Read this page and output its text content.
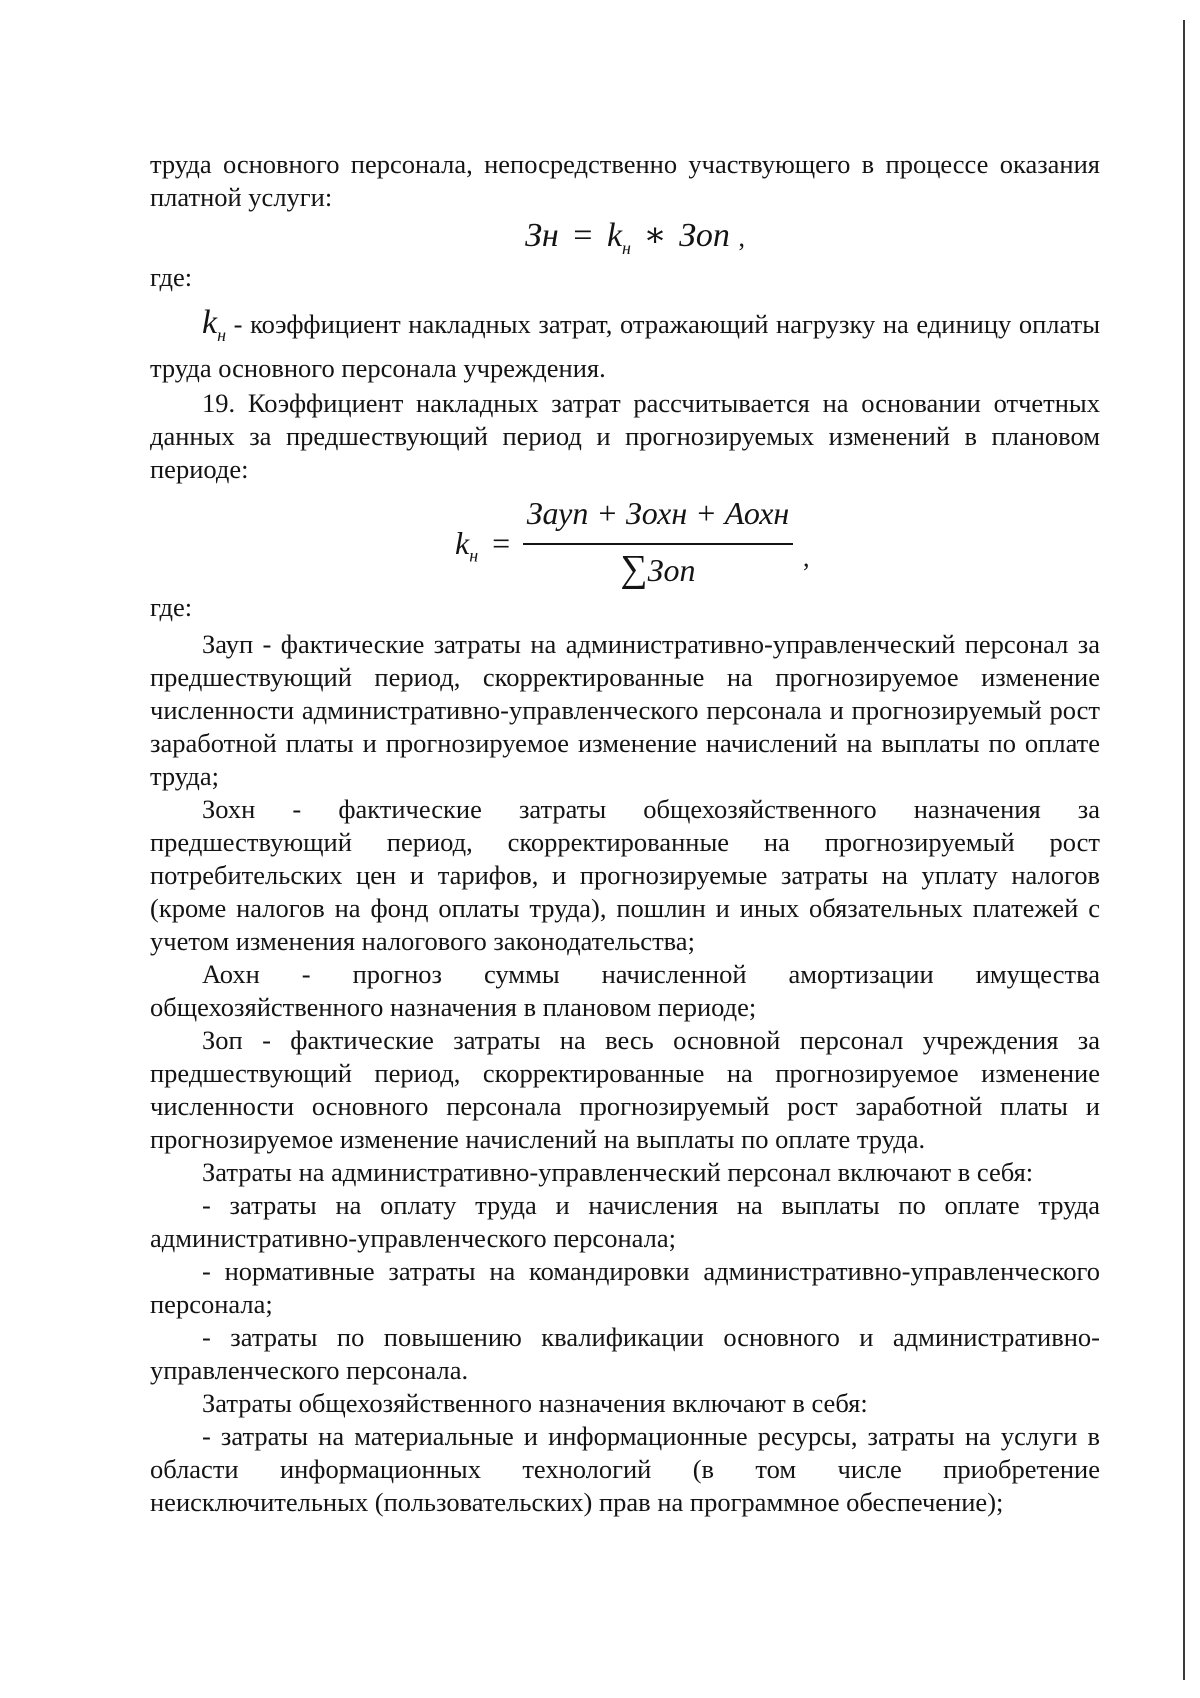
труда основного персонала, непосредственно участвующего в процессе оказания платной услуги:

Зн = $k_н$ ∗ Зоп ,
где:

$k_н$ - коэффициент накладных затрат, отражающий нагрузку на единицу оплаты труда основного персонала учреждения.

19. Коэффициент накладных затрат рассчитывается на основании отчетных данных за предшествующий период и прогнозируемых изменений в плановом периоде:

$k_н$ =
Зауп + Зохн + Аохн
∑Зоп	,
где:

Зауп - фактические затраты на административно-управленческий персонал за предшествующий период, скорректированные на прогнозируемое изменение численности административно-управленческого персонала и прогнозируемый рост заработной платы и прогнозируемое изменение начислений на выплаты по оплате труда;

Зохн - фактические затраты общехозяйственного назначения за предшествующий период, скорректированные на прогнозируемый рост потребительских цен и тарифов, и прогнозируемые затраты на уплату налогов (кроме налогов на фонд оплаты труда), пошлин и иных обязательных платежей с учетом изменения налогового законодательства;

Аохн - прогноз суммы начисленной амортизации имущества общехозяйственного назначения в плановом периоде;

Зоп - фактические затраты на весь основной персонал учреждения за предшествующий период, скорректированные на прогнозируемое изменение численности основного персонала прогнозируемый рост заработной платы и прогнозируемое изменение начислений на выплаты по оплате труда.

Затраты на административно-управленческий персонал включают в себя:

- затраты на оплату труда и начисления на выплаты по оплате труда административно-управленческого персонала;

- нормативные затраты на командировки административно-управленческого персонала;

- затраты по повышению квалификации основного и административно-управленческого персонала.

Затраты общехозяйственного назначения включают в себя:

- затраты на материальные и информационные ресурсы, затраты на услуги в области информационных технологий (в том числе приобретение неисключительных (пользовательских) прав на программное обеспечение);
